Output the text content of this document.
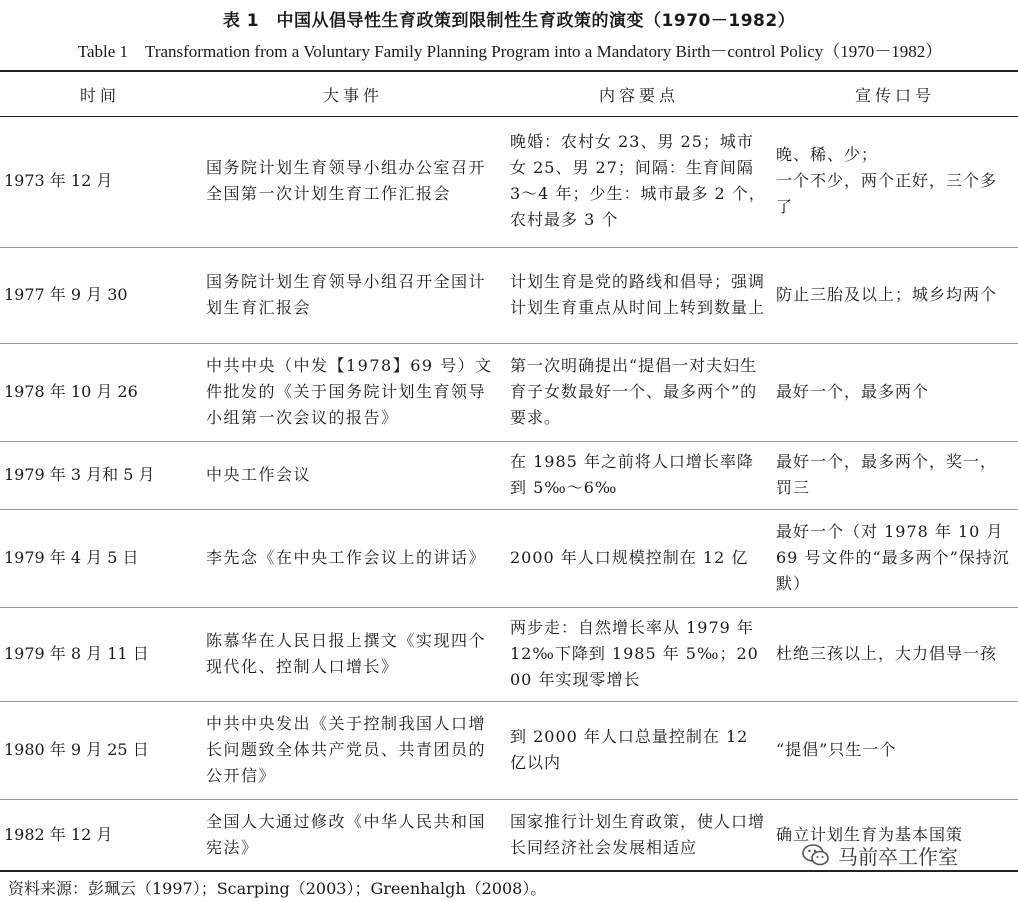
表 1　中国从倡导性生育政策到限制性生育政策的演变（1970－1982）
Table 1　Transformation from a Voluntary Family Planning Program into a Mandatory Birth－control Policy（1970－1982）
时间	大事件	内容要点	宣传口号
1973 年 12 月	国务院计划生育领导小组办公室召开全国第一次计划生育工作汇报会	晚婚：农村女 23、男 25；城市女 25、男 27；间隔：生育间隔 3～4 年；少生：城市最多 2 个，农村最多 3 个	晚、稀、少；
一个不少，两个正好，三个多了
1977 年 9 月 30	国务院计划生育领导小组召开全国计划生育汇报会	计划生育是党的路线和倡导；强调计划生育重点从时间上转到数量上	防止三胎及以上；城乡均两个
1978 年 10 月 26	中共中央（中发【1978】69 号）文件批发的《关于国务院计划生育领导小组第一次会议的报告》	第一次明确提出“提倡一对夫妇生育子女数最好一个、最多两个”的要求。	最好一个，最多两个
1979 年 3 月和 5 月	中央工作会议	在 1985 年之前将人口增长率降到 5‰～6‰	最好一个，最多两个，奖一，罚三
1979 年 4 月 5 日	李先念《在中央工作会议上的讲话》	2000 年人口规模控制在 12 亿	最好一个（对 1978 年 10 月 69 号文件的“最多两个”保持沉默）
1979 年 8 月 11 日	陈慕华在人民日报上撰文《实现四个现代化、控制人口增长》	两步走：自然增长率从 1979 年 12‰下降到 1985 年 5‰；2000 年实现零增长	杜绝三孩以上，大力倡导一孩
1980 年 9 月 25 日	中共中央发出《关于控制我国人口增长问题致全体共产党员、共青团员的公开信》	到 2000 年人口总量控制在 12 亿以内	“提倡”只生一个
1982 年 12 月	全国人大通过修改《中华人民共和国宪法》	国家推行计划生育政策，使人口增长同经济社会发展相适应	确立计划生育为基本国策
资料来源：彭珮云（1997）；Scarping（2003）；Greenhalgh（2008）。
马前卒工作室
